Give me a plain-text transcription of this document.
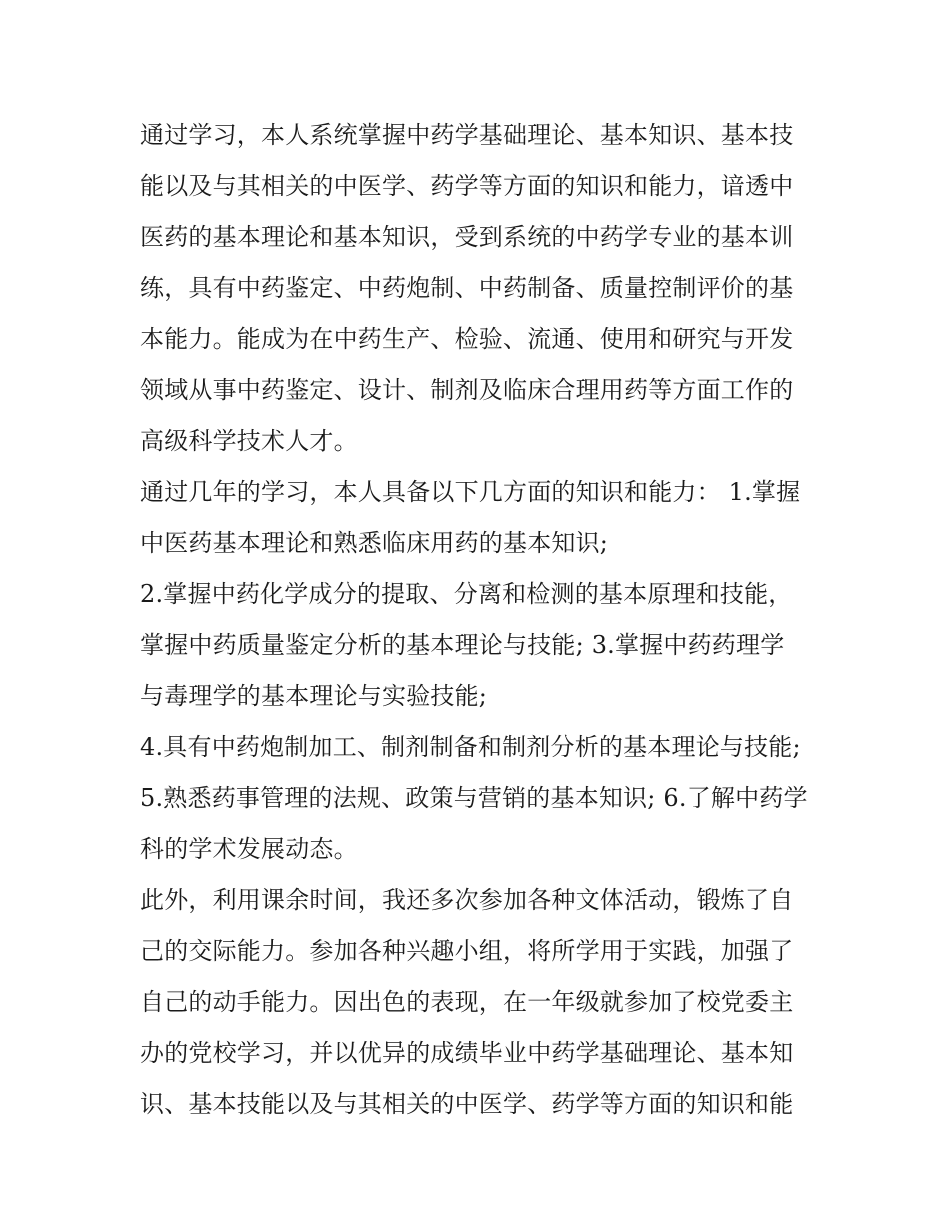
通过学习，本人系统掌握中药学基础理论、基本知识、基本技
能以及与其相关的中医学、药学等方面的知识和能力，谙透中
医药的基本理论和基本知识，受到系统的中药学专业的基本训
练，具有中药鉴定、中药炮制、中药制备、质量控制评价的基
本能力。能成为在中药生产、检验、流通、使用和研究与开发
领域从事中药鉴定、设计、制剂及临床合理用药等方面工作的
高级科学技术人才。
通过几年的学习，本人具备以下几方面的知识和能力： 1.掌握
中医药基本理论和熟悉临床用药的基本知识;
2.掌握中药化学成分的提取、分离和检测的基本原理和技能，
掌握中药质量鉴定分析的基本理论与技能; 3.掌握中药药理学
与毒理学的基本理论与实验技能;
4.具有中药炮制加工、制剂制备和制剂分析的基本理论与技能;
5.熟悉药事管理的法规、政策与营销的基本知识; 6.了解中药学
科的学术发展动态。
此外，利用课余时间，我还多次参加各种文体活动，锻炼了自
己的交际能力。参加各种兴趣小组，将所学用于实践，加强了
自己的动手能力。因出色的表现，在一年级就参加了校党委主
办的党校学习，并以优异的成绩毕业中药学基础理论、基本知
识、基本技能以及与其相关的中医学、药学等方面的知识和能
